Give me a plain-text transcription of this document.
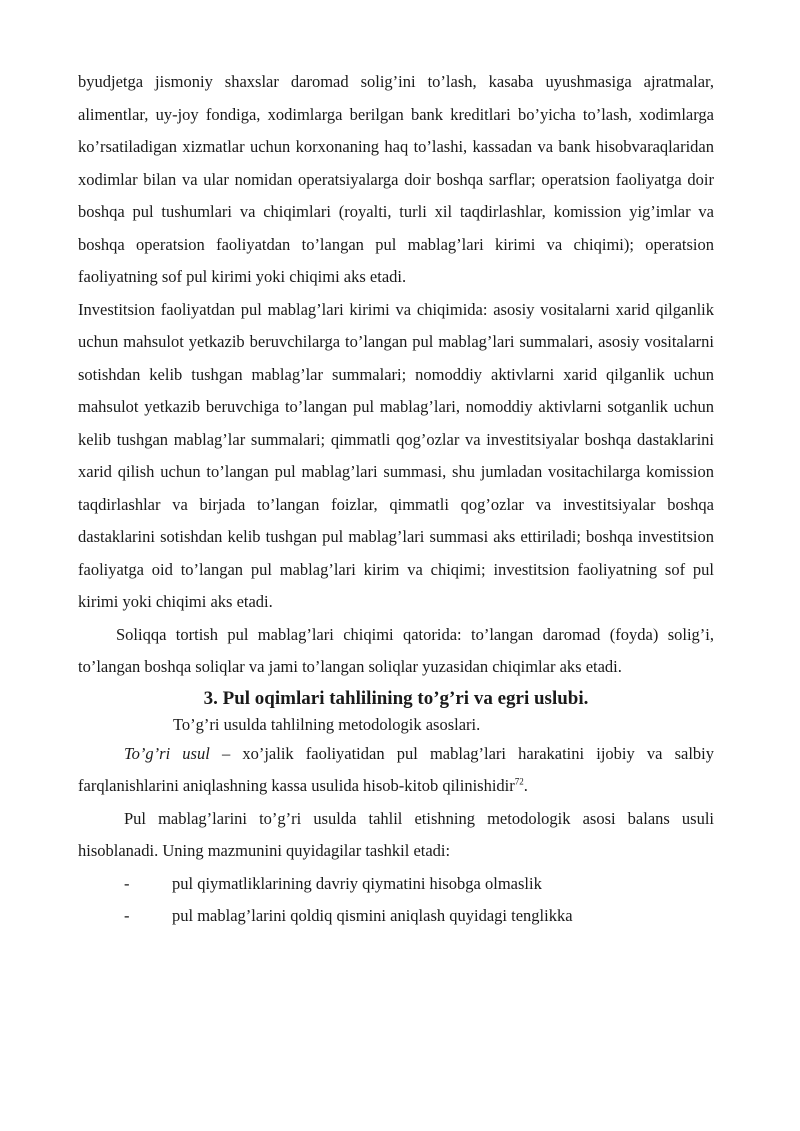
byudjetga jismoniy shaxslar daromad solig’ini to’lash, kasaba uyushmasiga ajratmalar, alimentlar, uy-joy fondiga, xodimlarga berilgan bank kreditlari bo’yicha to’lash, xodimlarga ko’rsatiladigan xizmatlar uchun korxonaning haq to’lashi, kassadan va bank hisobvaraqlaridan xodimlar bilan va ular nomidan operatsiyalarga doir boshqa sarflar; operatsion faoliyatga doir boshqa pul tushumlari va chiqimlari (royalti, turli xil taqdirlashlar, komission yig’imlar va boshqa operatsion faoliyatdan to’langan pul mablag’lari kirimi va chiqimi); operatsion faoliyatning sof pul kirimi yoki chiqimi aks etadi.

Investitsion faoliyatdan pul mablag’lari kirimi va chiqimida: asosiy vositalarni xarid qilganlik uchun mahsulot yetkazib beruvchilarga to’langan pul mablag’lari summalari, asosiy vositalarni sotishdan kelib tushgan mablag’lar summalari; nomoddiy aktivlarni xarid qilganlik uchun mahsulot yetkazib beruvchiga to’langan pul mablag’lari, nomoddiy aktivlarni sotganlik uchun kelib tushgan mablag’lar summalari; qimmatli qog’ozlar va investitsiyalar boshqa dastaklarini xarid qilish uchun to’langan pul mablag’lari summasi, shu jumladan vositachilarga komission taqdirlashlar va birjada to’langan foizlar, qimmatli qog’ozlar va investitsiyalar boshqa dastaklarini sotishdan kelib tushgan pul mablag’lari summasi aks ettiriladi; boshqa investitsion faoliyatga oid to’langan pul mablag’lari kirim va chiqimi; investitsion faoliyatning sof pul kirimi yoki chiqimi aks etadi.

Soliqqa tortish pul mablag’lari chiqimi qatorida: to’langan daromad (foyda) solig’i, to’langan boshqa soliqlar va jami to’langan soliqlar yuzasidan chiqimlar aks etadi.

3. Pul oqimlari tahlilining to’g’ri va egri uslubi.
To’g’ri usulda tahlilning metodologik asoslari.

To’g’ri usul – xo’jalik faoliyatidan pul mablag’lari harakatini ijobiy va salbiy farqlanishlarini aniqlashning kassa usulida hisob-kitob qilinishidir$^{72}$.

Pul mablag’larini to’g’ri usulda tahlil etishning metodologik asosi balans usuli hisoblanadi. Uning mazmunini quyidagilar tashkil etadi:

-	pul qiymatliklarining davriy qiymatini hisobga olmaslik
-	pul mablag’larini qoldiq qismini aniqlash quyidagi tenglikka
